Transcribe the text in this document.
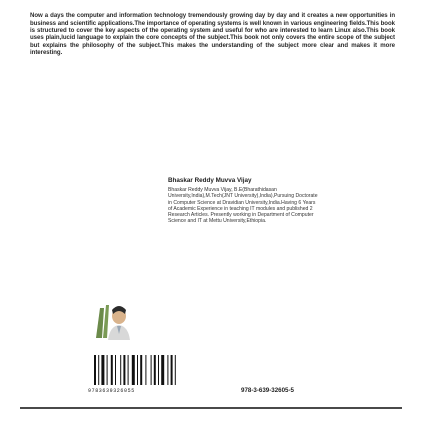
Now a days the computer and information technology tremendously growing day by day and it creates a new opportunities in business and scientific applications.The importance of operating systems is well known in various engineering fields.This book is structured to cover the key aspects of the operating system and useful for who are interested to learn Linux also.This book uses plain,lucid language to explain the core concepts of the subject.This book not only covers the entire scope of the subject but explains the philosophy of the subject.This makes the understanding of the subject more clear and makes it more interesting.

Bhaskar Reddy Muvva Vijay
Bhaskar Reddy Muvva Vijay, B.E(Bharathidasan University,India),M.Tech(JNT University),India),Pursuing Doctorate in Computer Science at Dravidian University,India.Having 6 Years of Academic Experience in teaching IT modules and published 2 Research Articles. Presently working in Department of Computer Science and IT at Mettu University,Ethiopia.
9783639326055	978-3-639-32605-5
